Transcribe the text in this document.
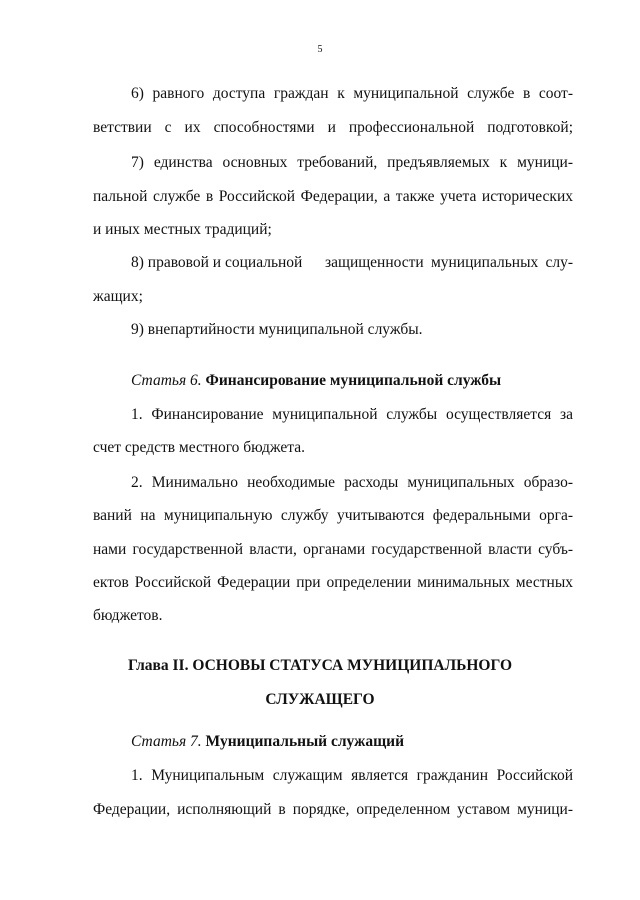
5
6) равного доступа граждан к муниципальной службе в соот-
ветствии с их способностями и профессиональной подготовкой;
7) единства основных требований, предъявляемых к муници-
пальной службе в Российской Федерации, а также учета исторических
и иных местных традиций;
8) правовой и социальной защищенности муниципальных слу-
жащих;
9) внепартийности муниципальной службы.
Статья 6. Финансирование муниципальной службы
1. Финансирование муниципальной службы осуществляется за
счет средств местного бюджета.
2. Минимально необходимые расходы муниципальных образо-
ваний на муниципальную службу учитываются федеральными орга-
нами государственной власти, органами государственной власти субъ-
ектов Российской Федерации при определении минимальных местных
бюджетов.
Глава II. ОСНОВЫ СТАТУСА МУНИЦИПАЛЬНОГО
СЛУЖАЩЕГО
Статья 7. Муниципальный служащий
1. Муниципальным служащим является гражданин Российской
Федерации, исполняющий в порядке, определенном уставом муници-
